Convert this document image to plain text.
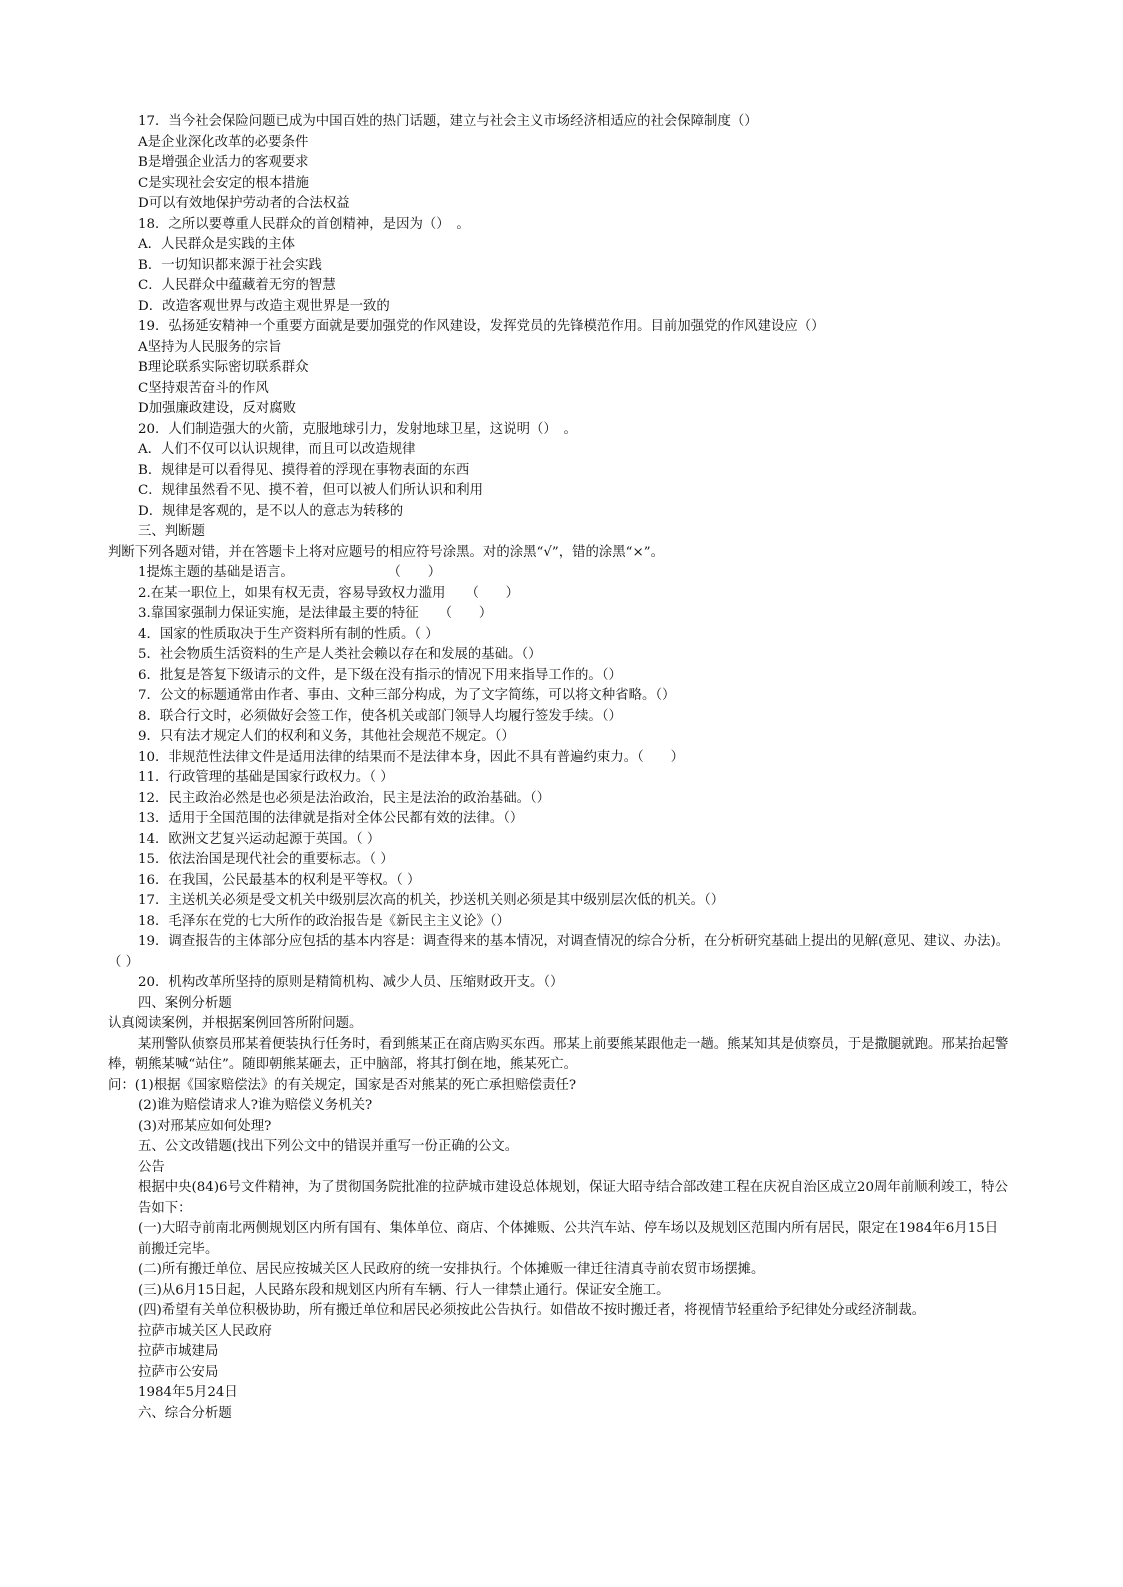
17．当今社会保险问题已成为中国百姓的热门话题，建立与社会主义市场经济相适应的社会保障制度（）

A是企业深化改革的必要条件

B是增强企业活力的客观要求

C是实现社会安定的根本措施

D可以有效地保护劳动者的合法权益

18．之所以要尊重人民群众的首创精神，是因为（）　。

A．人民群众是实践的主体

B．一切知识都来源于社会实践

C．人民群众中蕴藏着无穷的智慧

D．改造客观世界与改造主观世界是一致的

19．弘扬延安精神一个重要方面就是要加强党的作风建设，发挥党员的先锋模范作用。目前加强党的作风建设应（）

A坚持为人民服务的宗旨

B理论联系实际密切联系群众

C坚持艰苦奋斗的作风

D加强廉政建设，反对腐败

20．人们制造强大的火箭，克服地球引力，发射地球卫星，这说明（）　。

A．人们不仅可以认识规律，而且可以改造规律

B．规律是可以看得见、摸得着的浮现在事物表面的东西

C．规律虽然看不见、摸不着，但可以被人们所认识和利用

D．规律是客观的，是不以人的意志为转移的

三、判断题

判断下列各题对错，并在答题卡上将对应题号的相应符号涂黑。对的涂黑“√”，错的涂黑“×”。

1提炼主题的基础是语言。　　　　　　　　（　　）

2.在某一职位上，如果有权无责，容易导致权力滥用　　（　　）

3.靠国家强制力保证实施，是法律最主要的特征　　（　　）

4．国家的性质取决于生产资料所有制的性质。（ ）

5．社会物质生活资料的生产是人类社会赖以存在和发展的基础。（）

6．批复是答复下级请示的文件，是下级在没有指示的情况下用来指导工作的。（）

7．公文的标题通常由作者、事由、文种三部分构成，为了文字简练，可以将文种省略。（）

8．联合行文时，必须做好会签工作，使各机关或部门领导人均履行签发手续。（）

9．只有法才规定人们的权利和义务，其他社会规范不规定。（）

10．非规范性法律文件是适用法律的结果而不是法律本身，因此不具有普遍约束力。（　　）

11．行政管理的基础是国家行政权力。（ ）

12．民主政治必然是也必须是法治政治，民主是法治的政治基础。（）

13．适用于全国范围的法律就是指对全体公民都有效的法律。（）

14．欧洲文艺复兴运动起源于英国。（ ）

15．依法治国是现代社会的重要标志。（ ）

16．在我国，公民最基本的权利是平等权。（ ）

17．主送机关必须是受文机关中级别层次高的机关，抄送机关则必须是其中级别层次低的机关。（）

18．毛泽东在党的七大所作的政治报告是《新民主主义论》（）

19．调查报告的主体部分应包括的基本内容是：调查得来的基本情况，对调查情况的综合分析，在分析研究基础上提出的见解(意见、建议、办法)。（ ）

20．机构改革所坚持的原则是精简机构、减少人员、压缩财政开支。（）

四、案例分析题

认真阅读案例，并根据案例回答所附问题。

某刑警队侦察员邢某着便装执行任务时，看到熊某正在商店购买东西。邢某上前要熊某跟他走一趟。熊某知其是侦察员，于是撒腿就跑。邢某抬起警棒，朝熊某喊“站住”。随即朝熊某砸去，正中脑部，将其打倒在地，熊某死亡。

问：(1)根据《国家赔偿法》的有关规定，国家是否对熊某的死亡承担赔偿责任?

(2)谁为赔偿请求人?谁为赔偿义务机关?

(3)对邢某应如何处理?

五、公文改错题(找出下列公文中的错误并重写一份正确的公文。

公告

根据中央(84)6号文件精神，为了贯彻国务院批准的拉萨城市建设总体规划，保证大昭寺结合部改建工程在庆祝自治区成立20周年前顺利竣工，特公告如下：

(一)大昭寺前南北两侧规划区内所有国有、集体单位、商店、个体摊贩、公共汽车站、停车场以及规划区范围内所有居民，限定在1984年6月15日前搬迁完毕。

(二)所有搬迁单位、居民应按城关区人民政府的统一安排执行。个体摊贩一律迁往清真寺前农贸市场摆摊。

(三)从6月15日起，人民路东段和规划区内所有车辆、行人一律禁止通行。保证安全施工。

(四)希望有关单位积极协助，所有搬迁单位和居民必须按此公告执行。如借故不按时搬迁者，将视情节轻重给予纪律处分或经济制裁。

拉萨市城关区人民政府

拉萨市城建局

拉萨市公安局

1984年5月24日

六、综合分析题
